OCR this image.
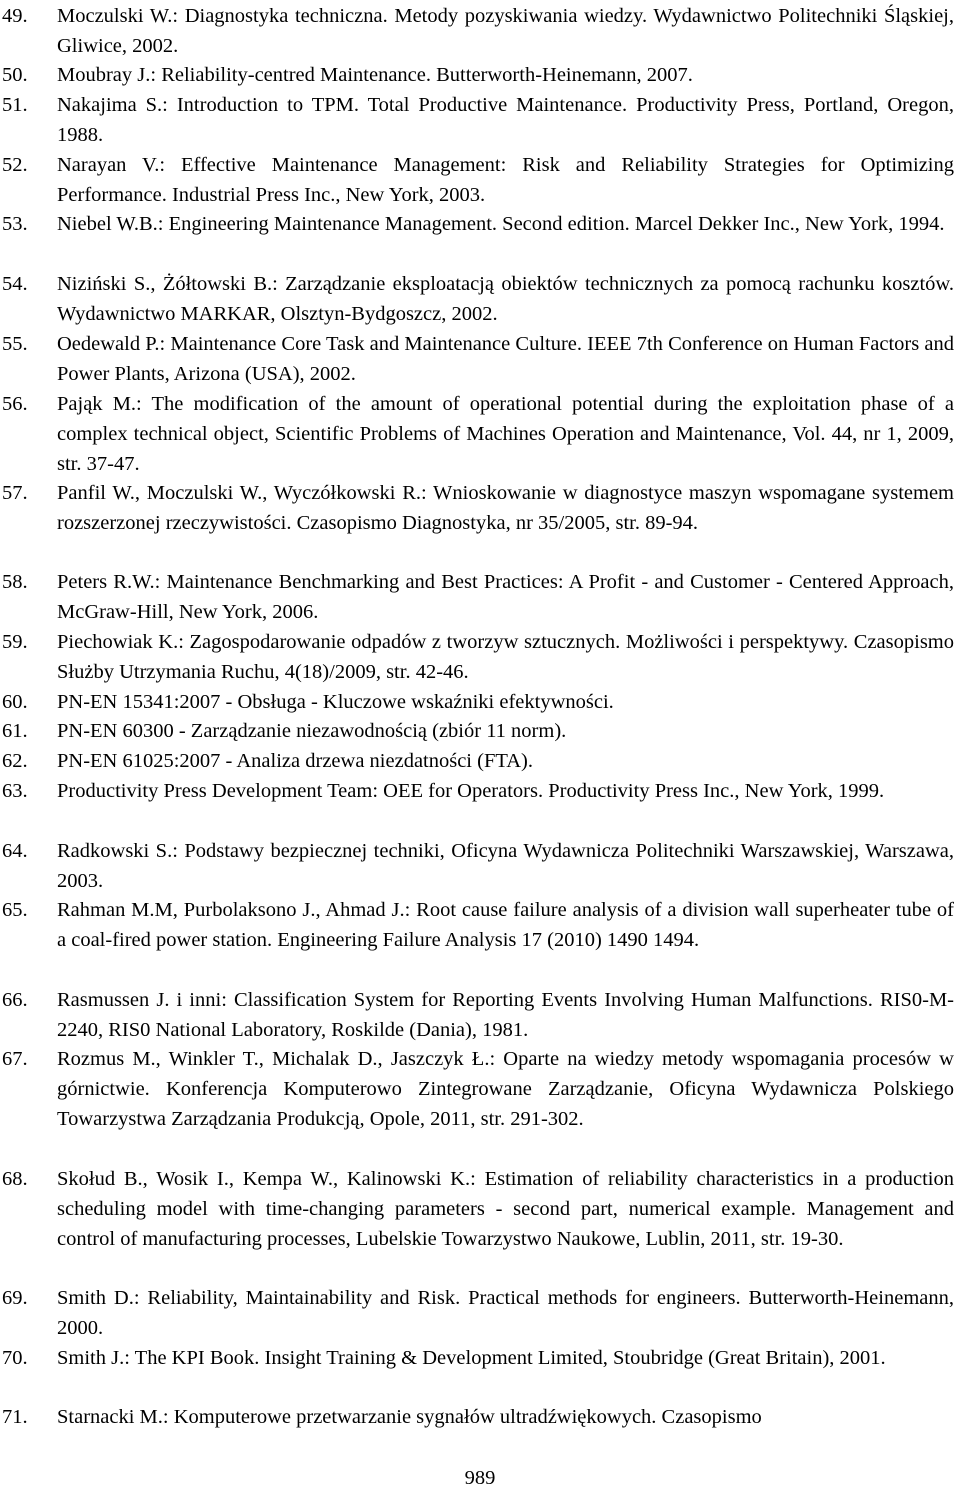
49.	Moczulski W.: Diagnostyka techniczna. Metody pozyskiwania wiedzy. Wydawnictwo Politechniki Śląskiej, Gliwice, 2002.
50.	Moubray J.: Reliability-centred Maintenance. Butterworth-Heinemann, 2007.
51.	Nakajima S.: Introduction to TPM. Total Productive Maintenance. Productivity Press, Portland, Oregon, 1988.
52.	Narayan V.: Effective Maintenance Management: Risk and Reliability Strategies for Optimizing Performance. Industrial Press Inc., New York, 2003.
53.	Niebel W.B.: Engineering Maintenance Management. Second edition. Marcel Dekker Inc., New York, 1994.
54.	Niziński S., Żółtowski B.: Zarządzanie eksploatacją obiektów technicznych za pomocą rachunku kosztów. Wydawnictwo MARKAR, Olsztyn-Bydgoszcz, 2002.
55.	Oedewald P.: Maintenance Core Task and Maintenance Culture. IEEE 7th Conference on Human Factors and Power Plants, Arizona (USA), 2002.
56.	Pająk M.: The modification of the amount of operational potential during the exploitation phase of a complex technical object, Scientific Problems of Machines Operation and Maintenance, Vol. 44, nr 1, 2009, str. 37-47.
57.	Panfil W., Moczulski W., Wyczółkowski R.: Wnioskowanie w diagnostyce maszyn wspomagane systemem rozszerzonej rzeczywistości. Czasopismo Diagnostyka, nr 35/2005, str. 89-94.
58.	Peters R.W.: Maintenance Benchmarking and Best Practices: A Profit - and Customer - Centered Approach, McGraw-Hill, New York, 2006.
59.	Piechowiak K.: Zagospodarowanie odpadów z tworzyw sztucznych. Możliwości i perspektywy. Czasopismo Służby Utrzymania Ruchu, 4(18)/2009, str. 42-46.
60.	PN-EN 15341:2007 - Obsługa - Kluczowe wskaźniki efektywności.
61.	PN-EN 60300 - Zarządzanie niezawodnością (zbiór 11 norm).
62.	PN-EN 61025:2007 - Analiza drzewa niezdatności (FTA).
63.	Productivity Press Development Team: OEE for Operators. Productivity Press Inc., New York, 1999.
64.	Radkowski S.: Podstawy bezpiecznej techniki, Oficyna Wydawnicza Politechniki Warszawskiej, Warszawa, 2003.
65.	Rahman M.M, Purbolaksono J., Ahmad J.: Root cause failure analysis of a division wall superheater tube of a coal-fired power station. Engineering Failure Analysis 17 (2010) 1490 1494.
66.	Rasmussen J. i inni: Classification System for Reporting Events Involving Human Malfunctions. RIS0-M-2240, RIS0 National Laboratory, Roskilde (Dania), 1981.
67.	Rozmus M., Winkler T., Michalak D., Jaszczyk Ł.: Oparte na wiedzy metody wspomagania procesów w górnictwie. Konferencja Komputerowo Zintegrowane Zarządzanie, Oficyna Wydawnicza Polskiego Towarzystwa Zarządzania Produkcją, Opole, 2011, str. 291-302.
68.	Skołud B., Wosik I., Kempa W., Kalinowski K.: Estimation of reliability characteristics in a production scheduling model with time-changing parameters - second part, numerical example. Management and control of manufacturing processes, Lubelskie Towarzystwo Naukowe, Lublin, 2011, str. 19-30.
69.	Smith D.: Reliability, Maintainability and Risk. Practical methods for engineers. Butterworth-Heinemann, 2000.
70.	Smith J.: The KPI Book. Insight Training & Development Limited, Stoubridge (Great Britain), 2001.
71.	Starnacki M.: Komputerowe przetwarzanie sygnałów ultradźwiękowych. Czasopismo
989
